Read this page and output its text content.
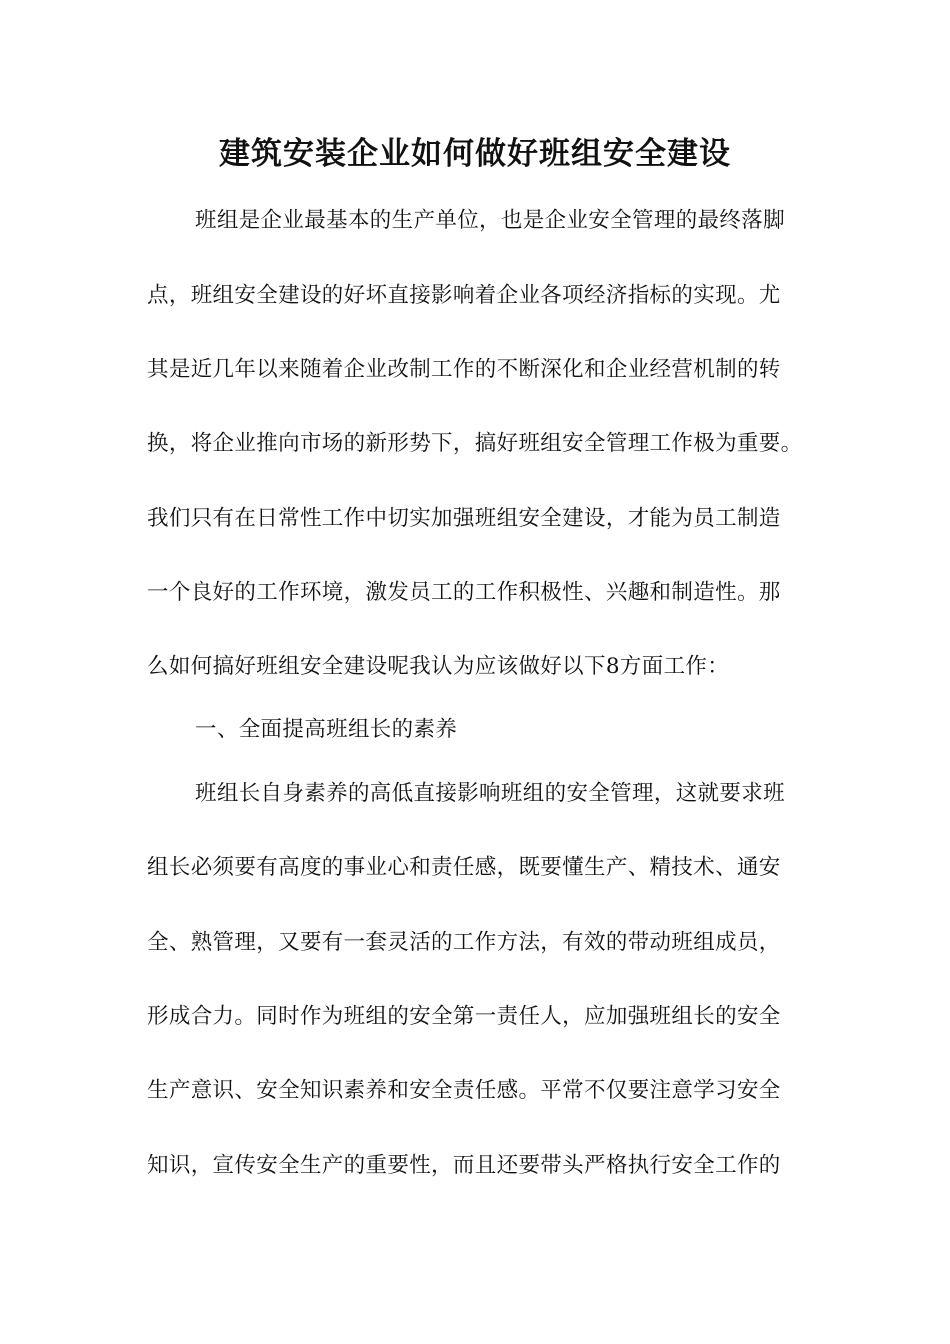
建筑安装企业如何做好班组安全建设
班组是企业最基本的生产单位，也是企业安全管理的最终落脚
点，班组安全建设的好坏直接影响着企业各项经济指标的实现。尤
其是近几年以来随着企业改制工作的不断深化和企业经营机制的转
换，将企业推向市场的新形势下，搞好班组安全管理工作极为重要。
我们只有在日常性工作中切实加强班组安全建设，才能为员工制造
一个良好的工作环境，激发员工的工作积极性、兴趣和制造性。那
么如何搞好班组安全建设呢我认为应该做好以下8方面工作：
一、全面提高班组长的素养
班组长自身素养的高低直接影响班组的安全管理，这就要求班
组长必须要有高度的事业心和责任感，既要懂生产、精技术、通安
全、熟管理，又要有一套灵活的工作方法，有效的带动班组成员，
形成合力。同时作为班组的安全第一责任人，应加强班组长的安全
生产意识、安全知识素养和安全责任感。平常不仅要注意学习安全
知识，宣传安全生产的重要性，而且还要带头严格执行安全工作的
